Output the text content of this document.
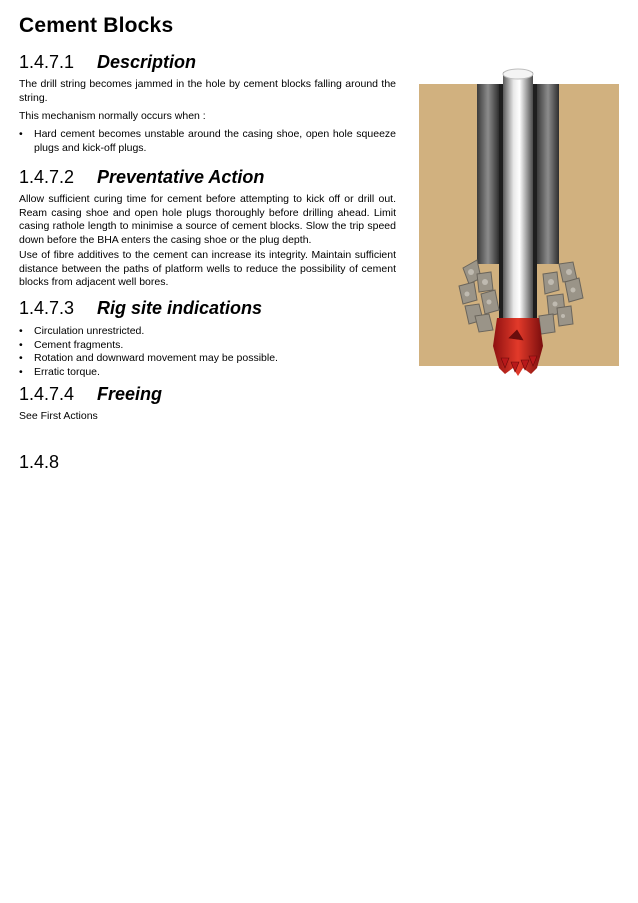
Cement Blocks
1.4.7.1 Description

The drill string becomes jammed in the hole by cement blocks falling around the string.

This mechanism normally occurs when :

• Hard cement becomes unstable around the casing shoe, open hole squeeze plugs and kick-off plugs.
1.4.7.2 Preventative Action

Allow sufficient curing time for cement before attempting to kick off or drill out. Ream casing shoe and open hole plugs thoroughly before drilling ahead. Limit casing rathole length to minimise a source of cement blocks. Slow the trip speed down before the BHA enters the casing shoe or the plug depth.

Use of fibre additives to the cement can increase its integrity. Maintain sufficient distance between the paths of platform wells to reduce the possibility of cement blocks from adjacent well bores.

1.4.7.3 Rig site indications
• Circulation unrestricted.
• Cement fragments.
• Rotation and downward movement may be possible.
• Erratic torque.
1.4.7.4 Freeing

See First Actions

1.4.8
